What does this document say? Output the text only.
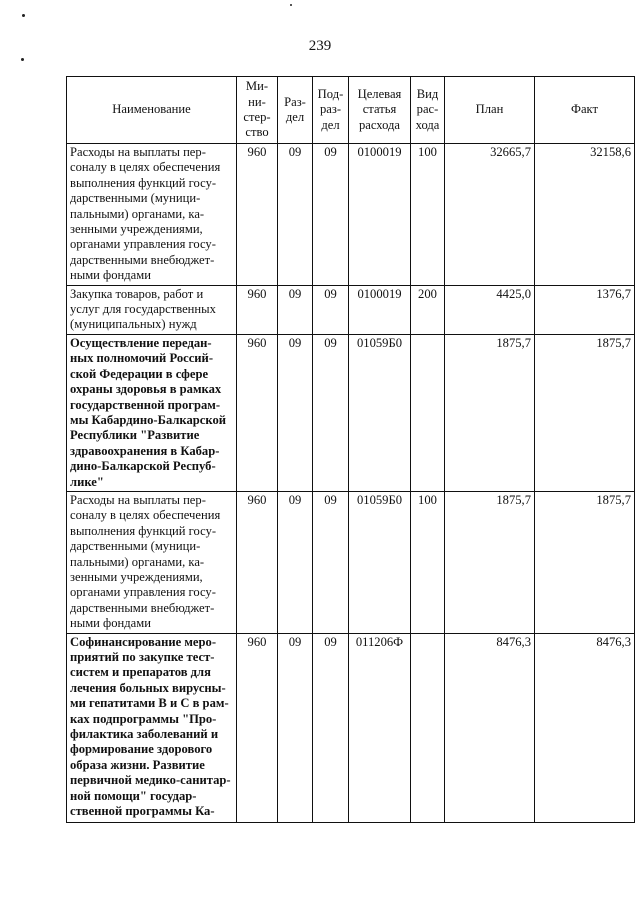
239
Наименование	Ми-ни-стер-ство	Раз-дел	Под-раз-дел	Целевая статья расхода	Вид рас-хода	План	Факт
Расходы на выплаты пер-соналу в целях обеспечения выполнения функций госу-дарственными (муници-пальными) органами, ка-зенными учреждениями, органами управления госу-дарственными внебюджет-ными фондами	960	09	09	0100019	100	32665,7	32158,6
Закупка товаров, работ и услуг для государственных (муниципальных) нужд	960	09	09	0100019	200	4425,0	1376,7
Осуществление передан-ных полномочий Россий-ской Федерации в сфере охраны здоровья в рамках государственной програм-мы Кабардино-Балкарской Республики "Развитие здравоохранения в Кабар-дино-Балкарской Респуб-лике"	960	09	09	01059Б0		1875,7	1875,7
Расходы на выплаты пер-соналу в целях обеспечения выполнения функций госу-дарственными (муници-пальными) органами, ка-зенными учреждениями, органами управления госу-дарственными внебюджет-ными фондами	960	09	09	01059Б0	100	1875,7	1875,7
Софинансирование меро-приятий по закупке тест-систем и препаратов для лечения больных вирусны-ми гепатитами В и С в рам-ках подпрограммы "Про-филактика заболеваний и формирование здорового образа жизни. Развитие первичной медико-санитар-ной помощи" государ-ственной программы Ка-	960	09	09	011206Ф		8476,3	8476,3
